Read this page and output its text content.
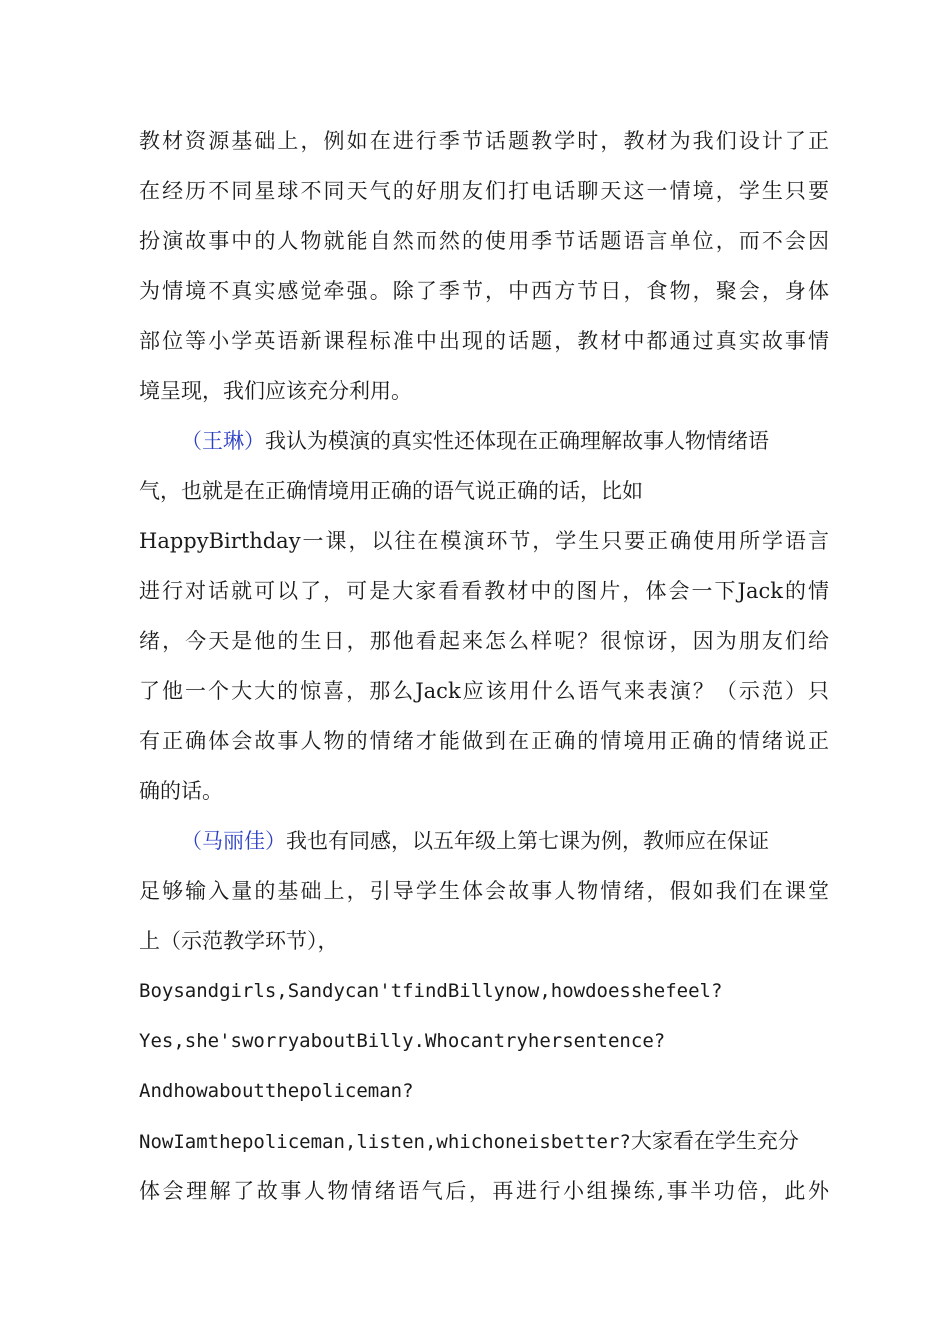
教材资源基础上，例如在进行季节话题教学时，教材为我们设计了正
在经历不同星球不同天气的好朋友们打电话聊天这一情境，学生只要
扮演故事中的人物就能自然而然的使用季节话题语言单位，而不会因
为情境不真实感觉牵强。除了季节，中西方节日，食物，聚会，身体
部位等小学英语新课程标准中出现的话题，教材中都通过真实故事情
境呈现，我们应该充分利用。
（王琳）我认为模演的真实性还体现在正确理解故事人物情绪语
气，也就是在正确情境用正确的语气说正确的话，比如
HappyBirthday一课，以往在模演环节，学生只要正确使用所学语言
进行对话就可以了，可是大家看看教材中的图片，体会一下Jack的情
绪，今天是他的生日，那他看起来怎么样呢？很惊讶，因为朋友们给
了他一个大大的惊喜，那么Jack应该用什么语气来表演？（示范）只
有正确体会故事人物的情绪才能做到在正确的情境用正确的情绪说正
确的话。
（马丽佳）我也有同感，以五年级上第七课为例，教师应在保证
足够输入量的基础上，引导学生体会故事人物情绪，假如我们在课堂
上（示范教学环节），
Boysandgirls,Sandycan'tfindBillynow,howdoesshefeel?
Yes,she'sworryaboutBilly.Whocantryhersentence?
Andhowaboutthepoliceman?
NowIamthepoliceman,listen,whichoneisbetter?大家看在学生充分
体会理解了故事人物情绪语气后，再进行小组操练,事半功倍，此外
